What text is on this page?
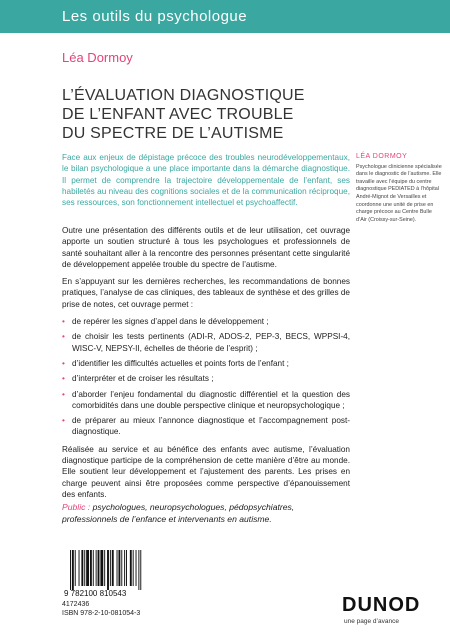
Les outils du psychologue
Léa Dormoy
L’ÉVALUATION DIAGNOSTIQUE
DE L’ENFANT AVEC TROUBLE
DU SPECTRE DE L’AUTISME
Face aux enjeux de dépistage précoce des troubles neurodéveloppementaux, le bilan psychologique a une place importante dans la démarche diagnostique. Il permet de comprendre la trajectoire développementale de l’enfant, ses habiletés au niveau des cognitions sociales et de la communication réciproque, ses ressources, son fonctionnement intellectuel et psychoaffectif.

Outre une présentation des différents outils et de leur utilisation, cet ouvrage apporte un soutien structuré à tous les psychologues et professionnels de santé souhaitant aller à la rencontre des personnes présentant cette singularité de développement appelée trouble du spectre de l’autisme.

En s’appuyant sur les dernières recherches, les recommandations de bonnes pratiques, l’analyse de cas cliniques, des tableaux de synthèse et des grilles de prise de notes, cet ouvrage permet :

• de repérer les signes d’appel dans le développement ;
• de choisir les tests pertinents (ADI-R, ADOS-2, PEP-3, BECS, WPPSI-4, WISC-V, NEPSY-II, échelles de théorie de l’esprit) ;
• d’identifier les difficultés actuelles et points forts de l’enfant ;
• d’interpréter et de croiser les résultats ;
• d’aborder l’enjeu fondamental du diagnostic différentiel et la question des comorbidités dans une double perspective clinique et neuropsychologique ;
• de préparer au mieux l’annonce diagnostique et l’accompagnement post-diagnostique.

Réalisée au service et au bénéfice des enfants avec autisme, l’évaluation diagnostique participe de la compréhension de cette manière d’être au monde. Elle soutient leur développement et l’ajustement des parents. Les prises en charge peuvent ainsi être proposées comme perspective d’épanouissement des enfants.

Public : psychologues, neuropsychologues, pédopsychiatres, professionnels de l’enfance et intervenants en autisme.
LÉA DORMOY
Psychologue clinicienne spécialisée dans le diagnostic de l’autisme. Elle travaille avec l’équipe du centre diagnostique PEDIATED à l’hôpital André-Mignot de Versailles et coordonne une unité de prise en charge précoce au Centre Bulle d’Air (Croissy-sur-Seine).
9 782100 810543
4172436
ISBN 978-2-10-081054-3	DUNOD
une page d’avance
